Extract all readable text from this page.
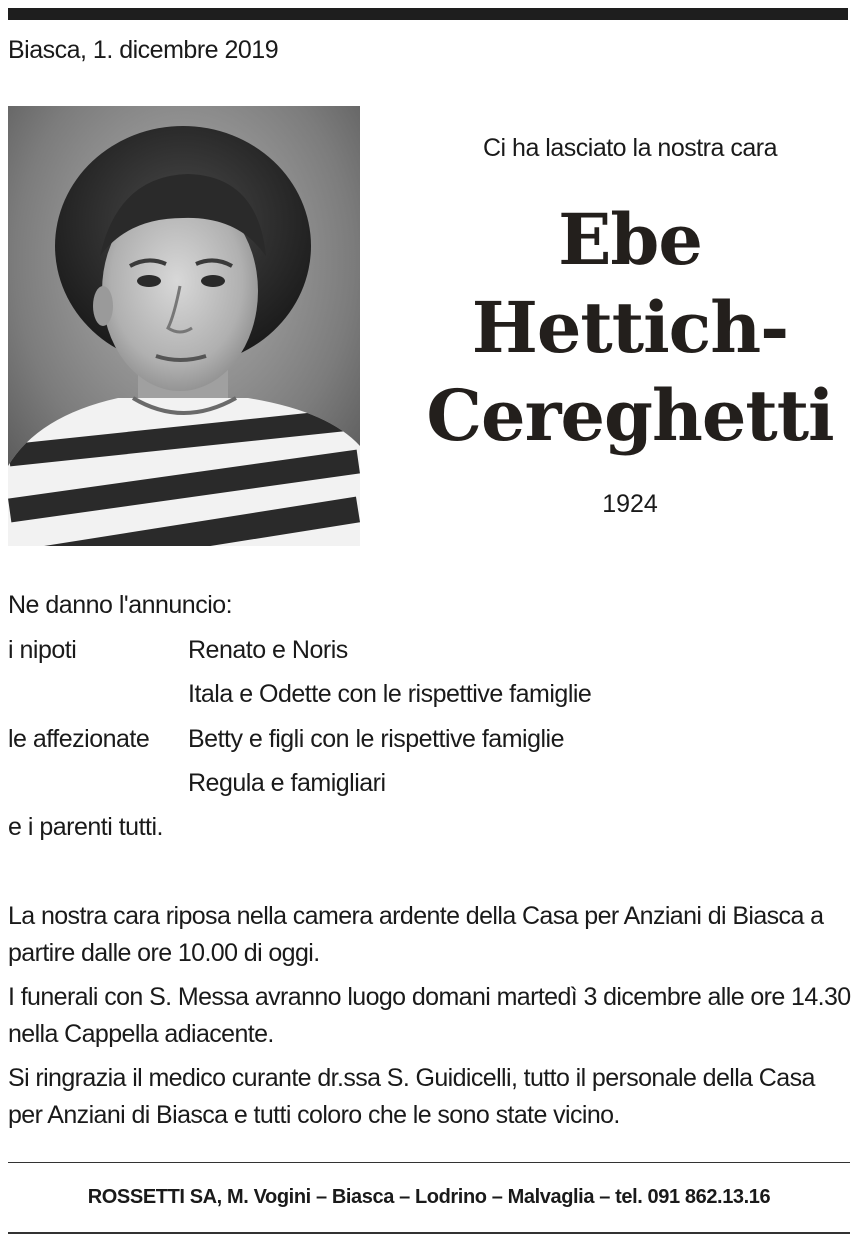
Biasca, 1. dicembre 2019
Ci ha lasciato la nostra cara
Ebe
Hettich-
Cereghetti
1924
Ne danno l'annuncio:
i nipoti	Renato e Noris
Itala e Odette con le rispettive famiglie
le affezionate Betty e figli con le rispettive famiglie
Regula e famigliari
e i parenti tutti.

La nostra cara riposa nella camera ardente della Casa per Anziani di Biasca a partire dalle ore 10.00 di oggi.

I funerali con S. Messa avranno luogo domani martedì 3 dicembre alle ore 14.30 nella Cappella adiacente.

Si ringrazia il medico curante dr.ssa S. Guidicelli, tutto il personale della Casa per Anziani di Biasca e tutti coloro che le sono state vicino.

ROSSETTI SA, M. Vogini – Biasca – Lodrino – Malvaglia – tel. 091 862.13.16
